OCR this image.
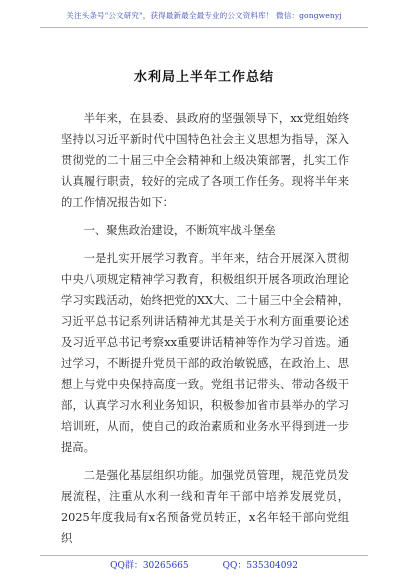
关注头条号"公文研究"，获得最新最全最专业的公文资料库！ 微信：gongwenyj
水利局上半年工作总结

半年来，在县委、县政府的坚强领导下，xx党组始终坚持以习近平新时代中国特色社会主义思想为指导，深入贯彻党的二十届三中全会精神和上级决策部署，扎实工作认真履行职责，较好的完成了各项工作任务。现将半年来的工作情况报告如下：

一、聚焦政治建设，不断筑牢战斗堡垒

一是扎实开展学习教育。半年来，结合开展深入贯彻中央八项规定精神学习教育，积极组织开展各项政治理论学习实践活动，始终把党的XX大、二十届三中全会精神，习近平总书记系列讲话精神尤其是关于水利方面重要论述及习近平总书记考察xx重要讲话精神等作为学习首选。通过学习，不断提升党员干部的政治敏锐感，在政治上、思想上与党中央保持高度一致。党组书记带头、带动各级干部，认真学习水利业务知识，积极参加省市县举办的学习培训班，从而，使自己的政治素质和业务水平得到进一步提高。

二是强化基层组织功能。加强党员管理，规范党员发展流程，注重从水利一线和青年干部中培养发展党员，2025年度我局有x名预备党员转正，x名年轻干部向党组织

QQ群：30265665	QQ：535304092
